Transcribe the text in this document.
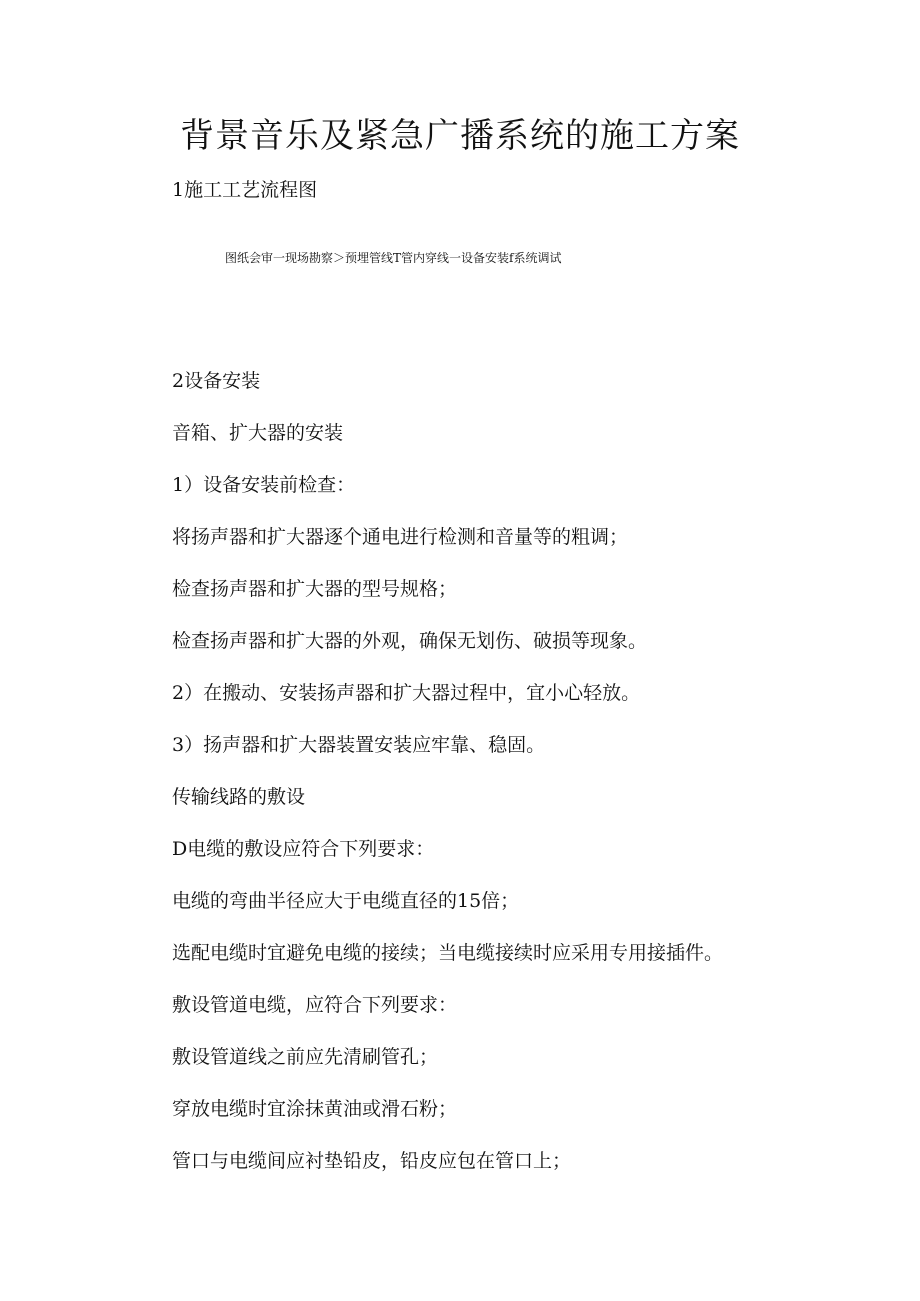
背景音乐及紧急广播系统的施工方案

1施工工艺流程图

图纸会审一现场勘察＞预埋管线T管内穿线一设备安装f系统调试

2设备安装

音箱、扩大器的安装

1）设备安装前检查：

将扬声器和扩大器逐个通电进行检测和音量等的粗调；

检查扬声器和扩大器的型号规格；

检查扬声器和扩大器的外观，确保无划伤、破损等现象。

2）在搬动、安装扬声器和扩大器过程中，宜小心轻放。

3）扬声器和扩大器装置安装应牢靠、稳固。

传输线路的敷设

D电缆的敷设应符合下列要求：

电缆的弯曲半径应大于电缆直径的15倍；

选配电缆时宜避免电缆的接续；当电缆接续时应采用专用接插件。

敷设管道电缆，应符合下列要求：

敷设管道线之前应先清刷管孔；

穿放电缆时宜涂抹黄油或滑石粉；

管口与电缆间应衬垫铅皮，铅皮应包在管口上；
